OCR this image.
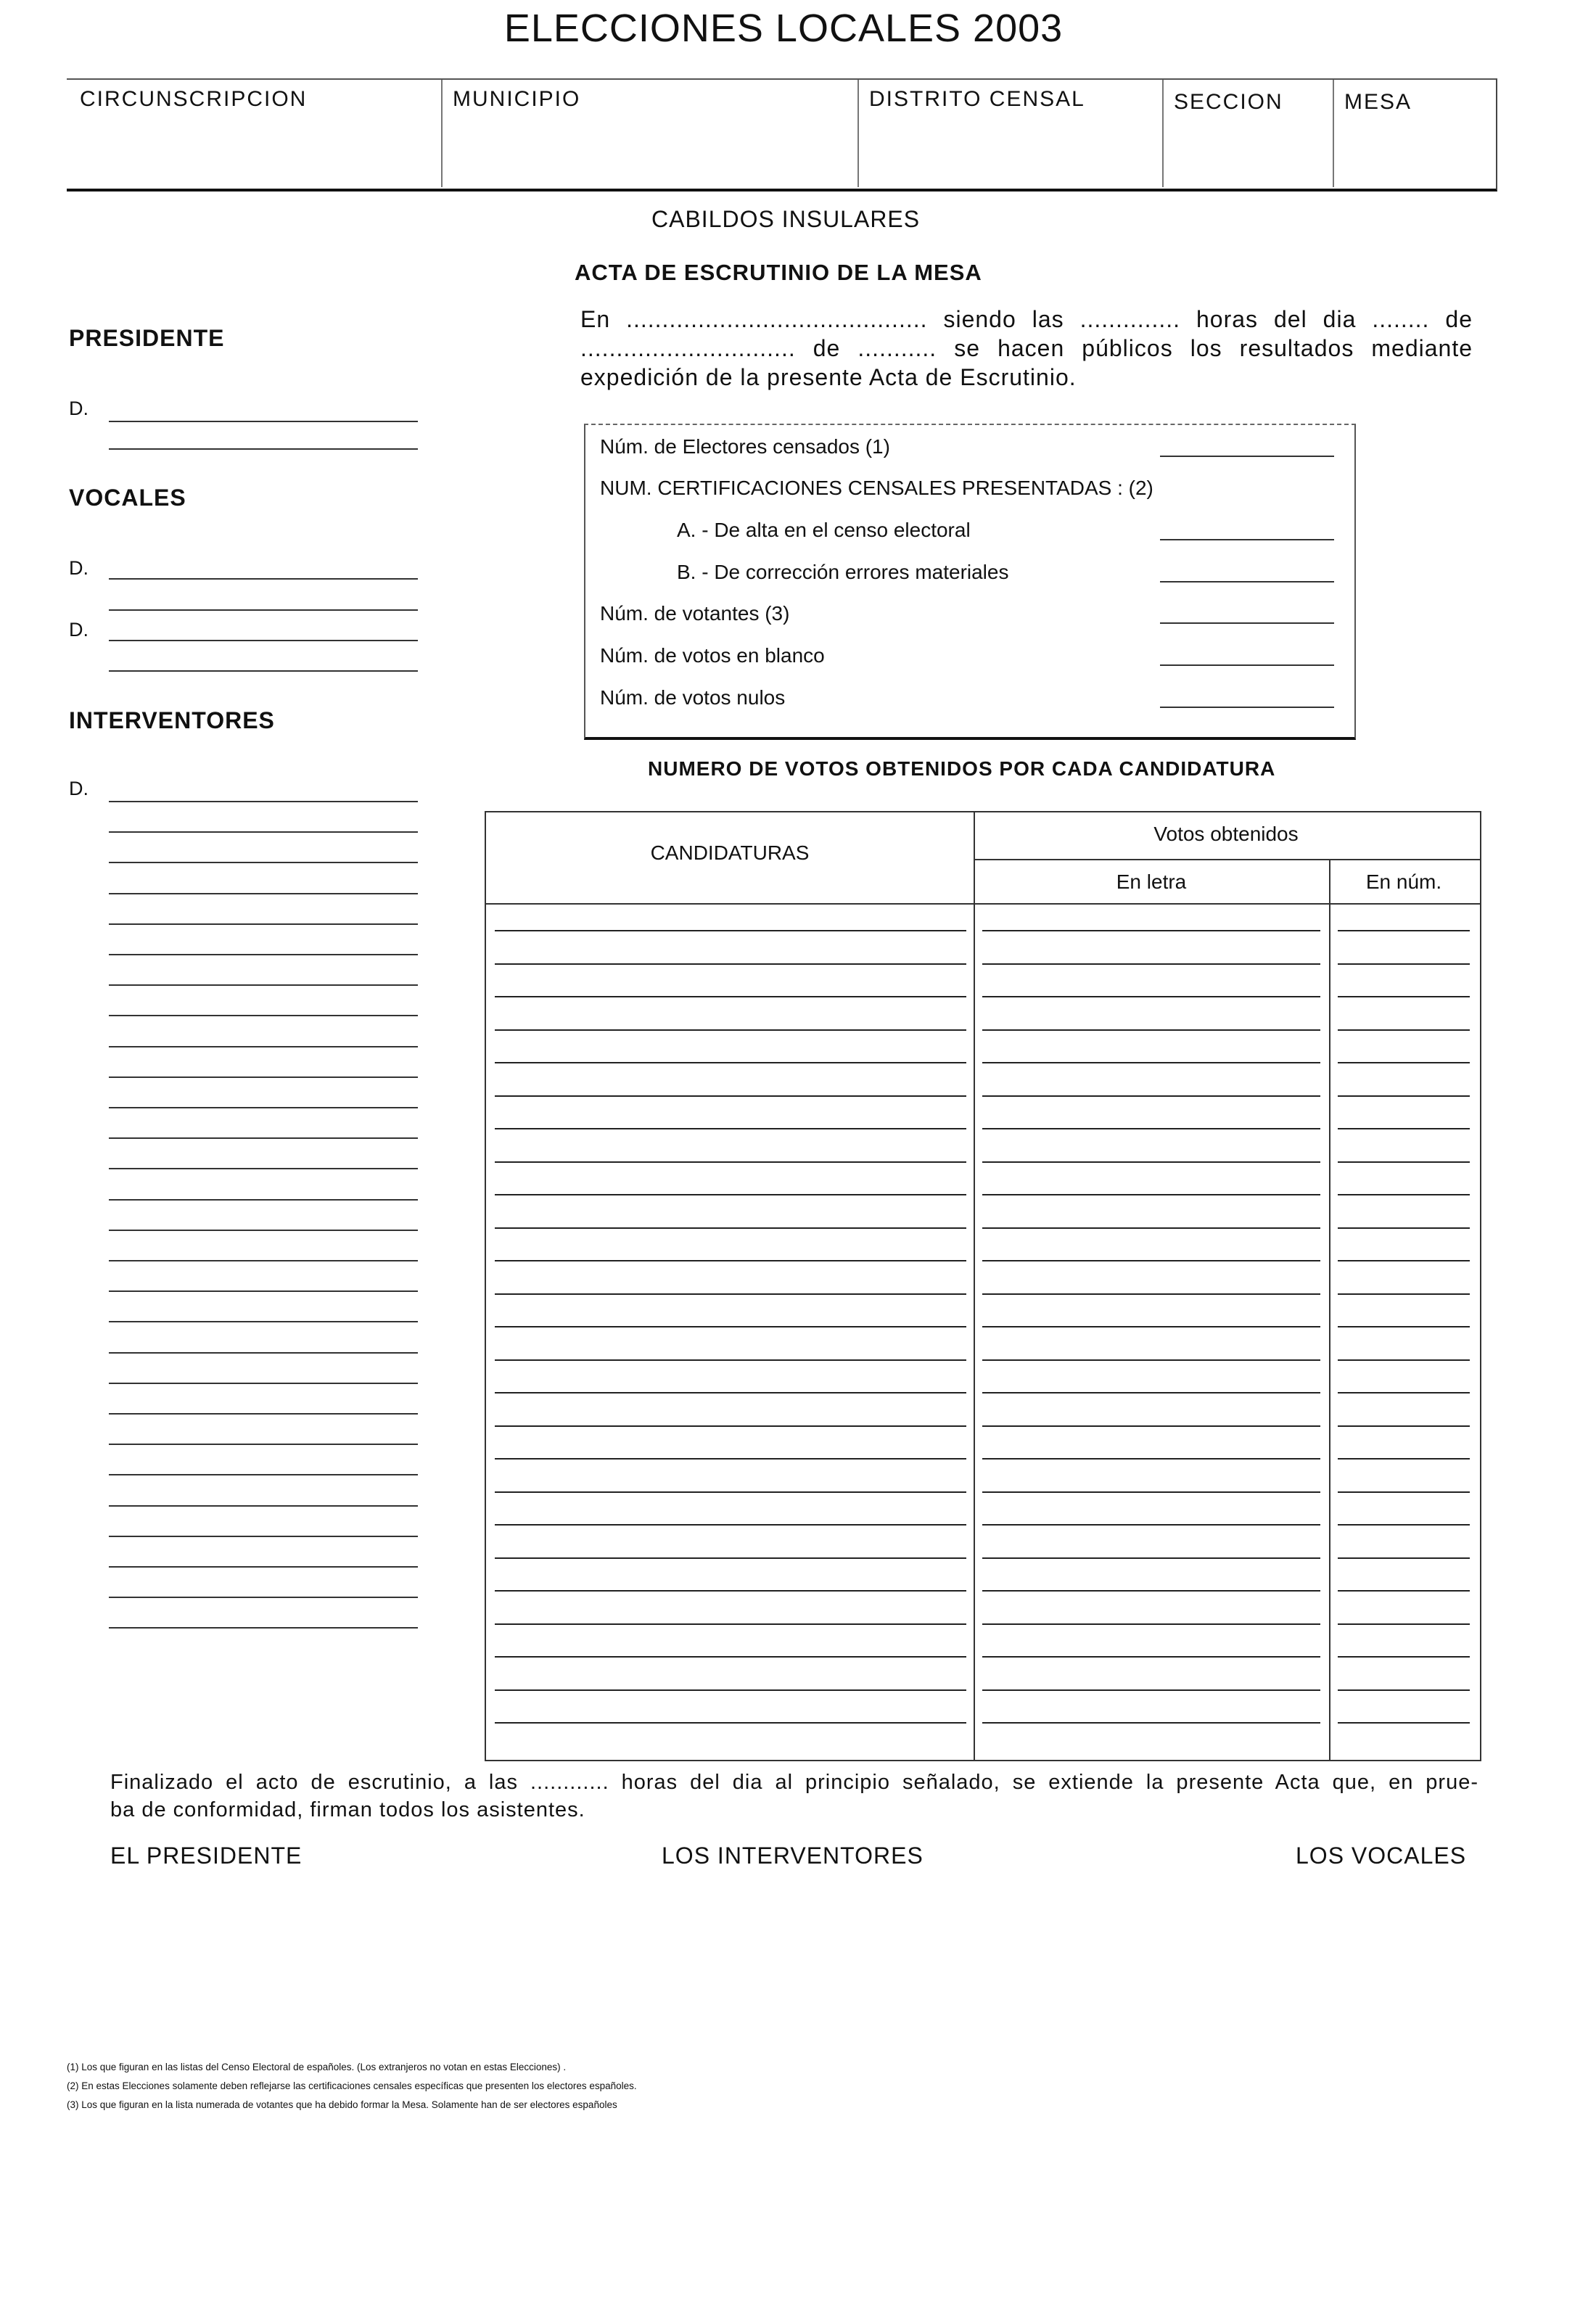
ELECCIONES LOCALES 2003
CIRCUNSCRIPCION	MUNICIPIO	DISTRITO CENSAL	SECCION	MESA
CABILDOS INSULARES
ACTA DE ESCRUTINIO DE LA MESA

En .......................................... siendo las .............. horas del dia ........ de

.............................. de ........... se hacen públicos los resultados mediante

expedición de la presente Acta de Escrutinio.

PRESIDENTE
D.
VOCALES
D.
D.
INTERVENTORES
D.
Núm. de Electores censados (1)
NUM. CERTIFICACIONES CENSALES PRESENTADAS : (2)
A. - De alta en el censo electoral
B. - De corrección errores materiales
Núm. de votantes (3)
Núm. de votos en blanco
Núm. de votos nulos
NUMERO DE VOTOS OBTENIDOS POR CADA CANDIDATURA
CANDIDATURAS
Votos obtenidos
En letra	En núm.

Finalizado el acto de escrutinio, a las ............ horas del dia al principio señalado, se extiende la presente Acta que, en prue-

ba de conformidad, firman todos los asistentes.

EL PRESIDENTE	LOS INTERVENTORES	LOS VOCALES
(1) Los que figuran en las listas del Censo Electoral de españoles. (Los extranjeros no votan en estas Elecciones) .
(2) En estas Elecciones solamente deben reflejarse las certificaciones censales específicas que presenten los electores españoles.
(3) Los que figuran en la lista numerada de votantes que ha debido formar la Mesa. Solamente han de ser electores españoles
